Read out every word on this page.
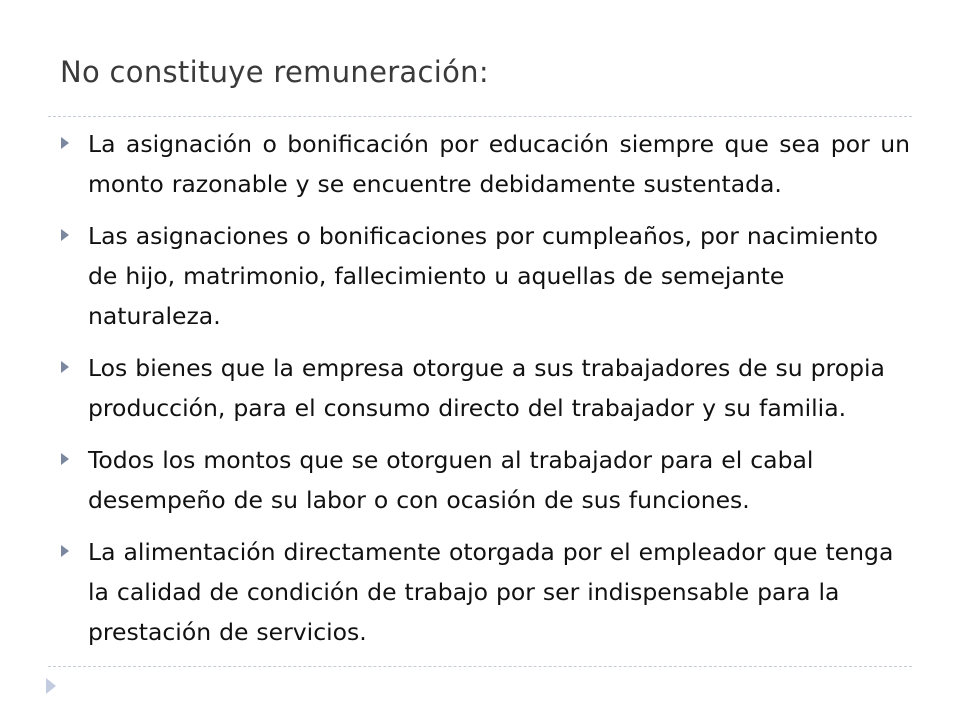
No constituye remuneración:
La asignación o bonificación por educación siempre que sea por un monto razonable y se encuentre debidamente sustentada.
Las asignaciones o bonificaciones por cumpleaños, por nacimiento de hijo, matrimonio, fallecimiento u aquellas de semejante naturaleza.
Los bienes que la empresa otorgue a sus trabajadores de su propia producción, para el consumo directo del trabajador y su familia.
Todos los montos que se otorguen al trabajador para el cabal desempeño de su labor o con ocasión de sus funciones.
La alimentación directamente otorgada por el empleador que tenga la calidad de condición de trabajo por ser indispensable para la prestación de servicios.
